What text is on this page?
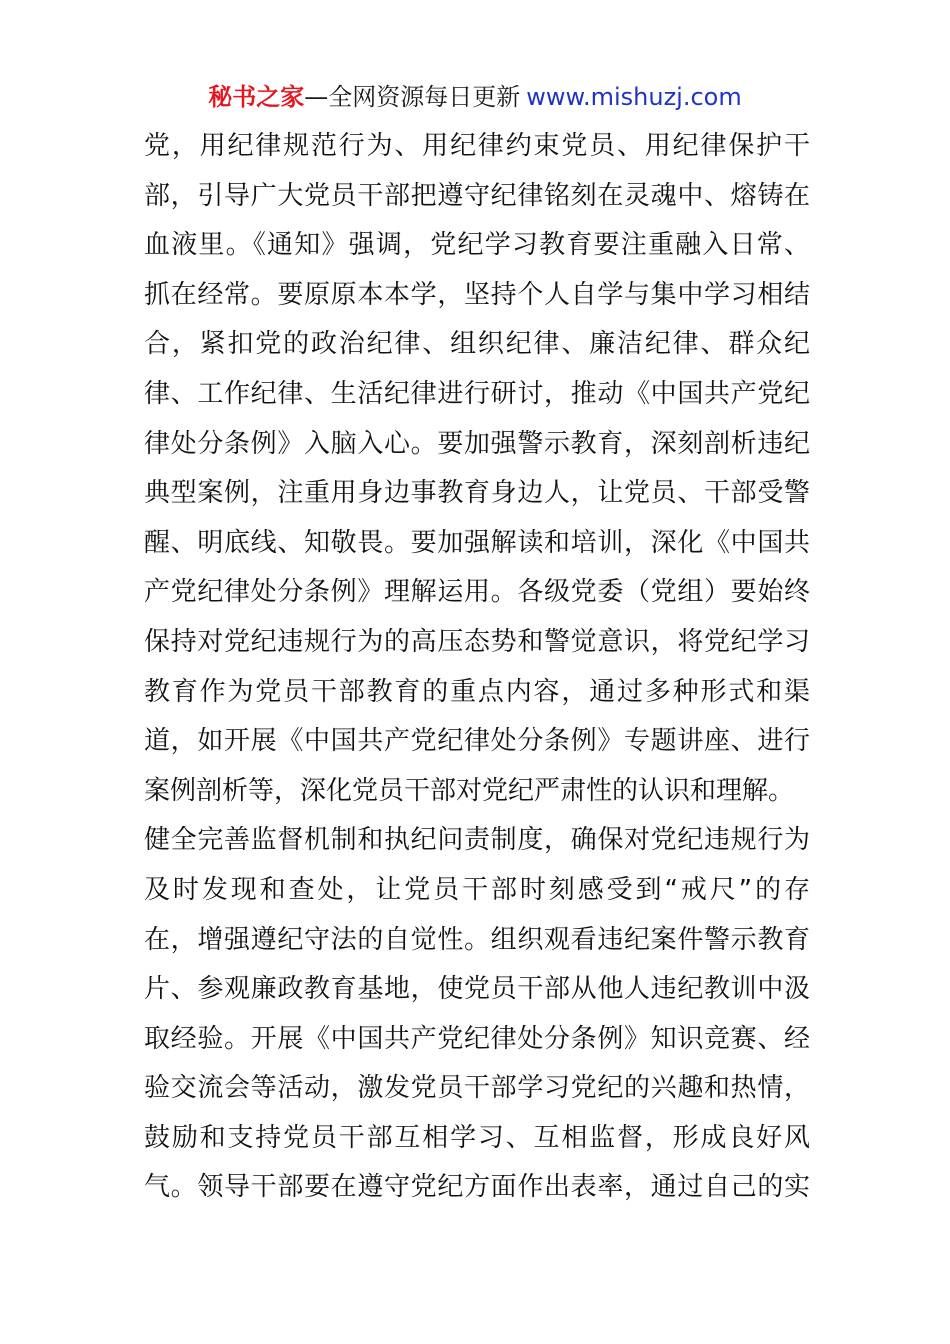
秘书之家—全网资源每日更新 www.mishuzj.com
党，用纪律规范行为、用纪律约束党员、用纪律保护干
部，引导广大党员干部把遵守纪律铭刻在灵魂中、熔铸在
血液里。《通知》强调，党纪学习教育要注重融入日常、
抓在经常。要原原本本学，坚持个人自学与集中学习相结
合，紧扣党的政治纪律、组织纪律、廉洁纪律、群众纪
律、工作纪律、生活纪律进行研讨，推动《中国共产党纪
律处分条例》入脑入心。要加强警示教育，深刻剖析违纪
典型案例，注重用身边事教育身边人，让党员、干部受警
醒、明底线、知敬畏。要加强解读和培训，深化《中国共
产党纪律处分条例》理解运用。各级党委（党组）要始终
保持对党纪违规行为的高压态势和警觉意识，将党纪学习
教育作为党员干部教育的重点内容，通过多种形式和渠
道，如开展《中国共产党纪律处分条例》专题讲座、进行
案例剖析等，深化党员干部对党纪严肃性的认识和理解。
健全完善监督机制和执纪问责制度，确保对党纪违规行为
及时发现和查处，让党员干部时刻感受到“戒尺”的存
在，增强遵纪守法的自觉性。组织观看违纪案件警示教育
片、参观廉政教育基地，使党员干部从他人违纪教训中汲
取经验。开展《中国共产党纪律处分条例》知识竞赛、经
验交流会等活动，激发党员干部学习党纪的兴趣和热情，
鼓励和支持党员干部互相学习、互相监督，形成良好风
气。领导干部要在遵守党纪方面作出表率，通过自己的实
